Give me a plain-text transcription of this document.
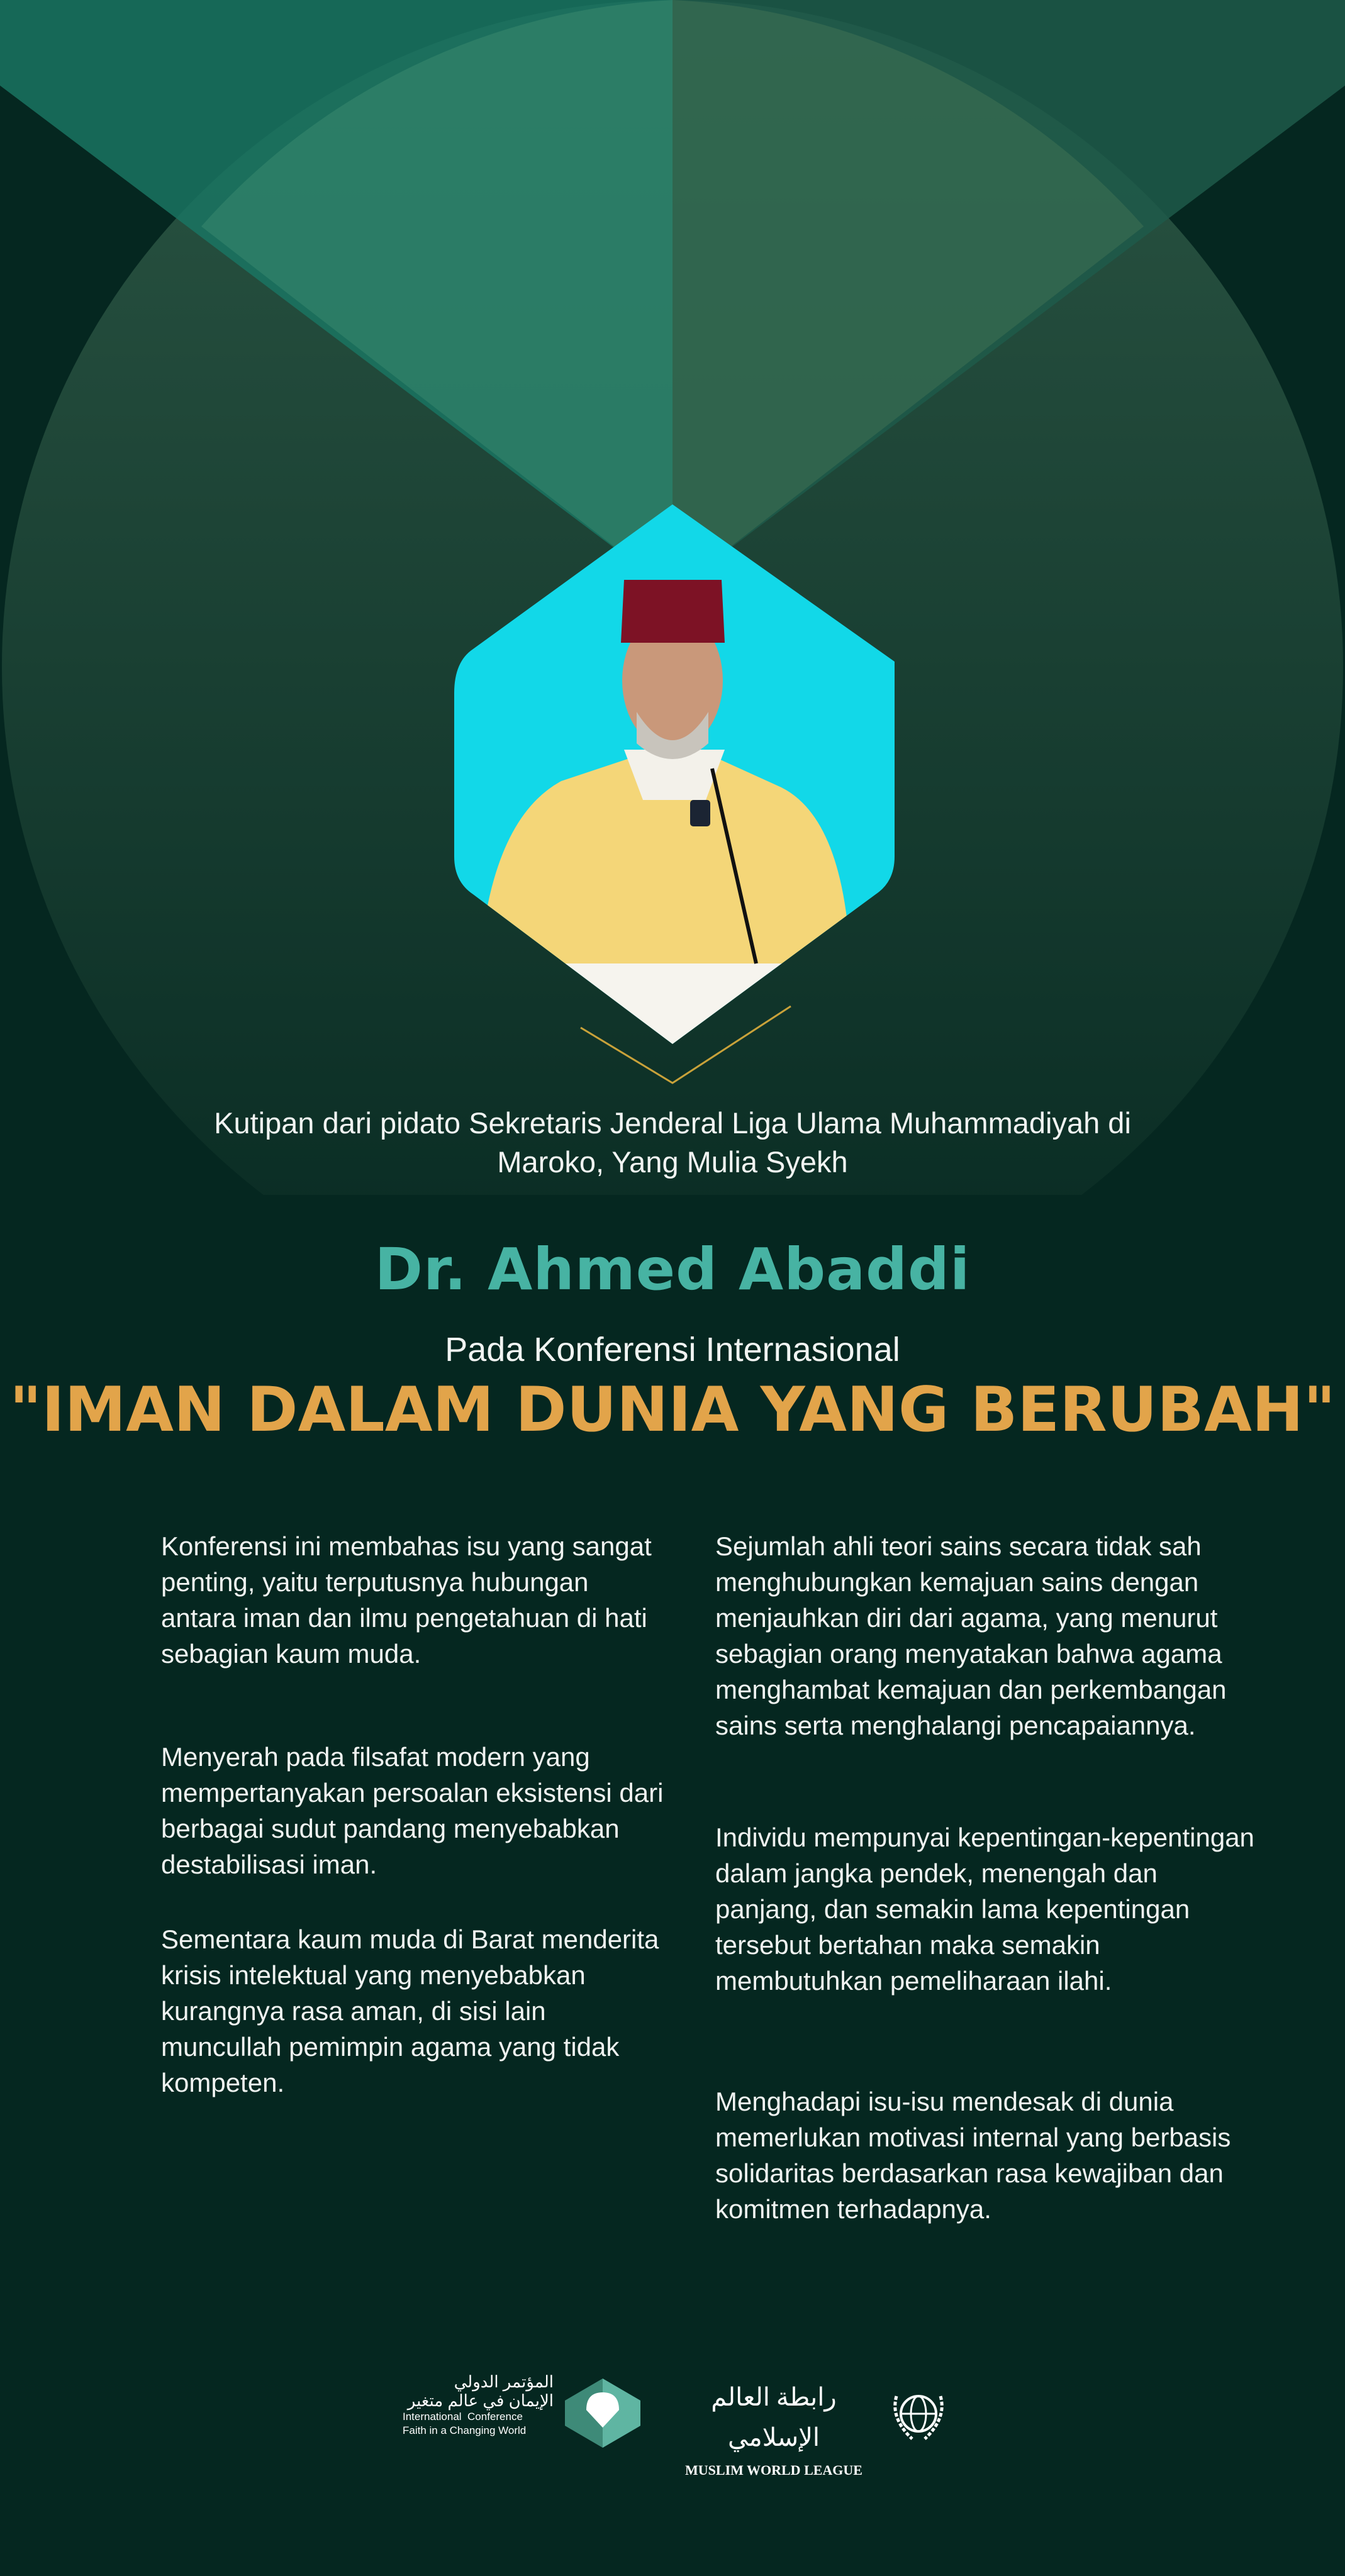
Kutipan dari pidato Sekretaris Jenderal Liga Ulama Muhammadiyah di
Maroko, Yang Mulia Syekh
Dr. Ahmed Abaddi
Pada Konferensi Internasional
"IMAN DALAM DUNIA YANG BERUBAH"
Konferensi ini membahas isu yang sangat penting, yaitu terputusnya hubungan antara iman dan ilmu pengetahuan di hati sebagian kaum muda.
Menyerah pada filsafat modern yang mempertanyakan persoalan eksistensi dari berbagai sudut pandang menyebabkan destabilisasi iman.
Sementara kaum muda di Barat menderita krisis intelektual yang menyebabkan kurangnya rasa aman, di sisi lain muncullah pemimpin agama yang tidak kompeten.
Sejumlah ahli teori sains secara tidak sah menghubungkan kemajuan sains dengan menjauhkan diri dari agama, yang menurut sebagian orang menyatakan bahwa agama menghambat kemajuan dan perkembangan sains serta menghalangi pencapaiannya.
Individu mempunyai kepentingan-kepentingan dalam jangka pendek, menengah dan panjang, dan semakin lama kepentingan tersebut bertahan maka semakin membutuhkan pemeliharaan ilahi.
Menghadapi isu-isu mendesak di dunia memerlukan motivasi internal yang berbasis solidaritas berdasarkan rasa kewajiban dan komitmen terhadapnya.
المؤتمر الدولي
الإيمان في عالم متغير
International  Conference
Faith in a Changing World
رابطة العالم الإسلامي
MUSLIM WORLD LEAGUE
